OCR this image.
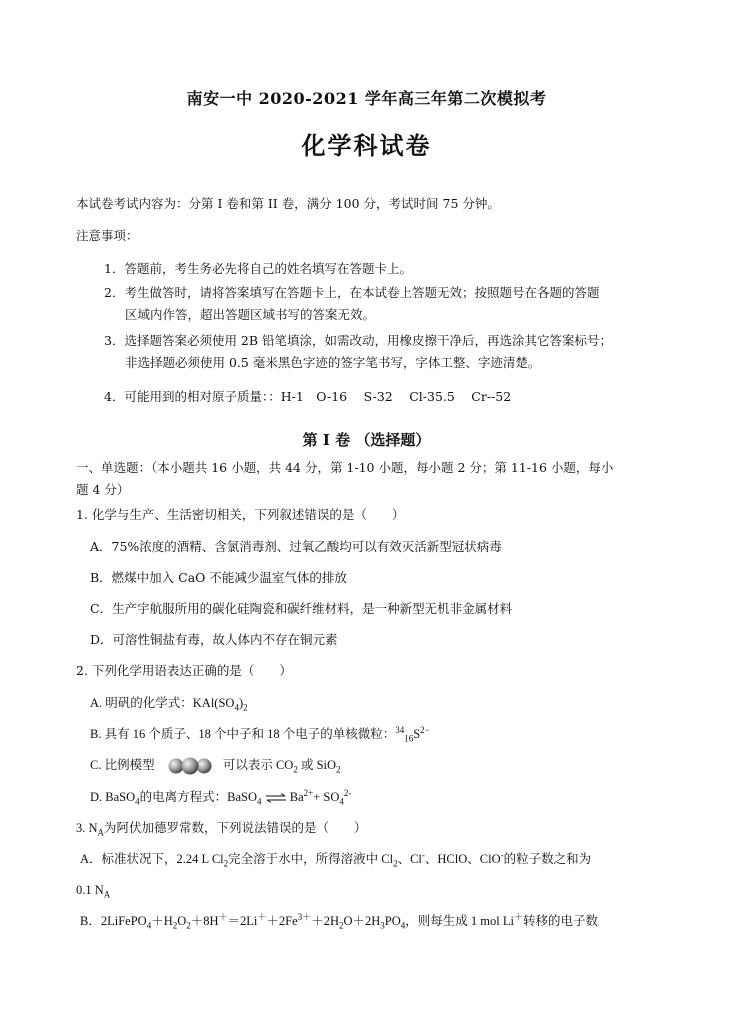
南安一中 2020-2021 学年高三年第二次模拟考
化学科试卷
本试卷考试内容为：分第 I 卷和第 II 卷，满分 100 分，考试时间 75 分钟。
注意事项：
1．答题前，考生务必先将自己的姓名填写在答题卡上。
2．考生做答时，请将答案填写在答题卡上，在本试卷上答题无效；按照题号在各题的答题
区域内作答，超出答题区域书写的答案无效。
3．选择题答案必须使用 2B 铅笔填涂，如需改动，用橡皮擦干净后，再选涂其它答案标号；
非选择题必须使用 0.5 毫米黑色字迹的签字笔书写，字体工整、字迹清楚。
4．可能用到的相对原子质量：：H-1　O-16　 S-32　 Cl-35.5　 Cr--52
第 I 卷 （选择题）
一、单选题：（本小题共 16 小题，共 44 分，第 1-10 小题，每小题 2 分；第 11-16 小题，每小
题 4 分）
1. 化学与生产、生活密切相关，下列叙述错误的是（　　）
A．75%浓度的酒精、含氯消毒剂、过氧乙酸均可以有效灭活新型冠状病毒
B．燃煤中加入 CaO 不能减少温室气体的排放
C．生产宇航服所用的碳化硅陶瓷和碳纤维材料，是一种新型无机非金属材料
D．可溶性铜盐有毒，故人体内不存在铜元素
2. 下列化学用语表达正确的是（　　）
A. 明矾的化学式：$KAl(SO_4)_2$
B. 具有 16 个质子、18 个中子和 18 个电子的单核微粒：$^{34}_{16}S^{2-}$
C. 比例模型	可以表示 $CO_2$ 或 SiO$_2$
D. BaSO$_4$的电离方程式：BaSO$_4$ ⇌ $Ba^{2+}+ SO_4^{2-}$
3. $N_A$为阿伏加德罗常数，下列说法错误的是（　　）
A．标准状况下，2.24 L $Cl_2$完全溶于水中，所得溶液中 $Cl_2$、Cl-、HClO、ClO-的粒子数之和为
0.1 $N_A$
B．$2LiFePO_4+H_2O_2+8H^+=2Li^++2Fe^{3+}+2H_2O+2H_3PO_4$，则每生成 1 mol Li＋转移的电子数
